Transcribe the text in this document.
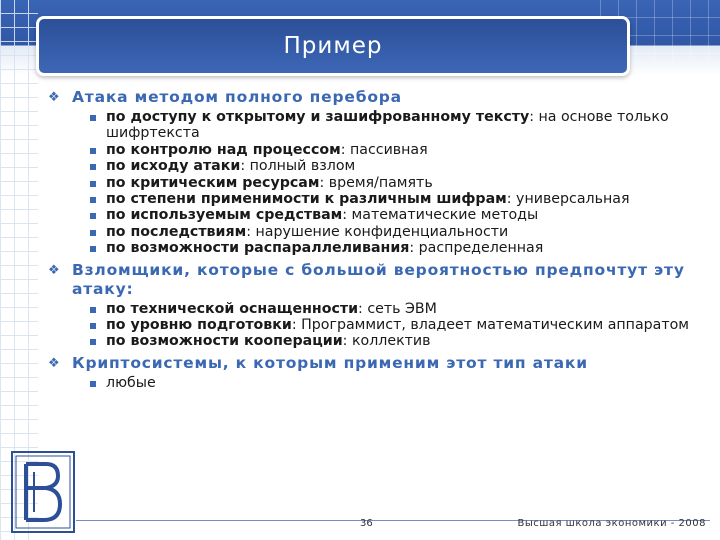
Пример
❖ Атака методом полного перебора
по доступу к открытому и зашифрованному тексту: на основе только шифртекста
по контролю над процессом: пассивная
по исходу атаки: полный взлом
по критическим ресурсам: время/память
по степени применимости к различным шифрам: универсальная
по используемым средствам: математические методы
по последствиям: нарушение конфиденциальности
по возможности распараллеливания: распределенная
❖ Взломщики, которые с большой вероятностью предпочтут эту атаку:
по технической оснащенности: сеть ЭВМ
по уровню подготовки: Программист, владеет математическим аппаратом
по возможности кооперации: коллектив
❖ Криптосистемы, к которым применим этот тип атаки
любые
36	Высшая школа экономики - 2008
